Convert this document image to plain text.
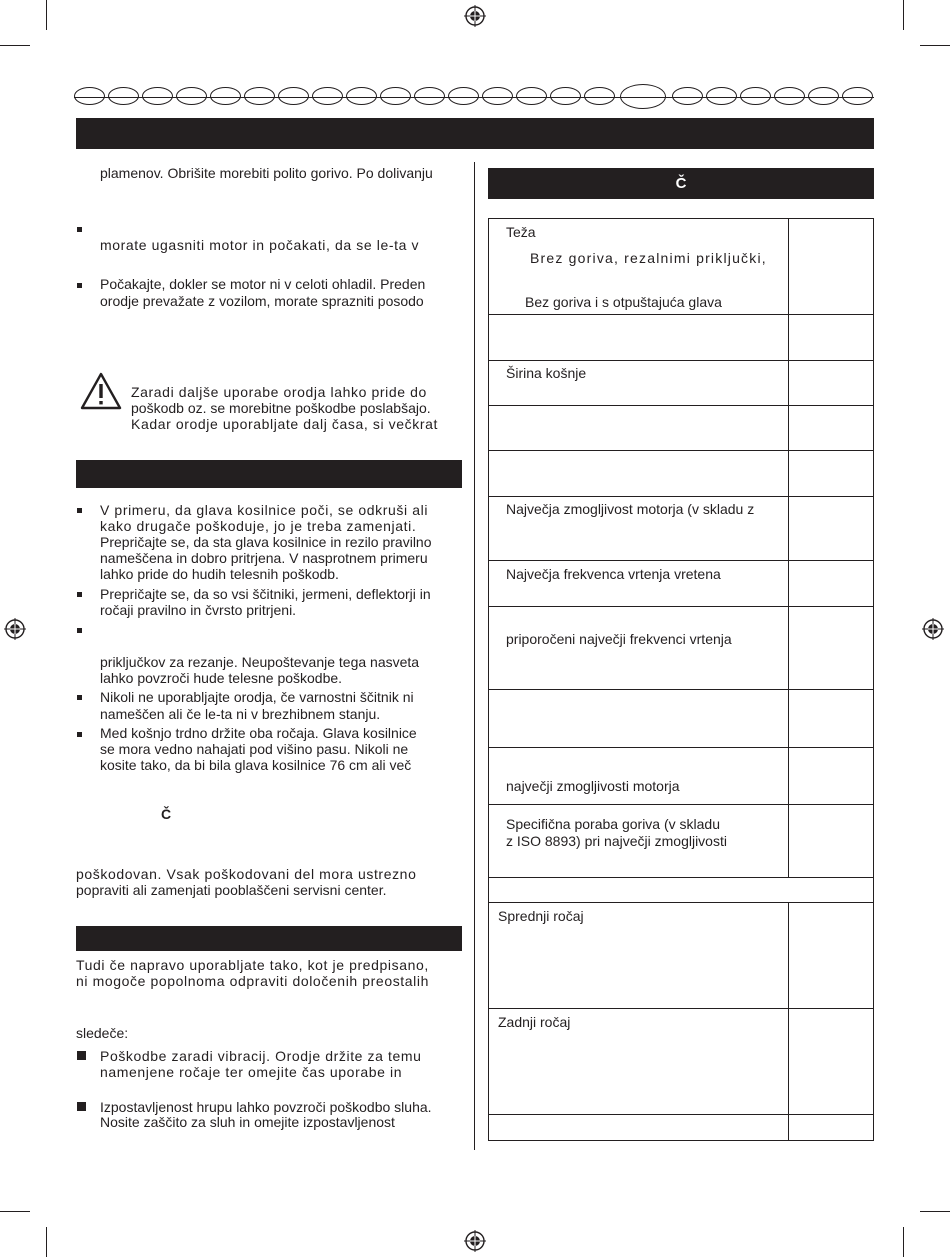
plamenov. Obrišite morebiti polito gorivo. Po dolivanju
morate ugasniti motor in počakati, da se le-ta v
Počakajte, dokler se motor ni v celoti ohladil. Preden
orodje prevažate z vozilom, morate sprazniti posodo
Zaradi daljše uporabe orodja lahko pride do
poškodb oz. se morebitne poškodbe poslabšajo.
Kadar orodje uporabljate dalj časa, si večkrat
V primeru, da glava kosilnice poči, se odkruši ali
kako drugače poškoduje, jo je treba zamenjati.
Prepričajte se, da sta glava kosilnice in rezilo pravilno
nameščena in dobro pritrjena. V nasprotnem primeru
lahko pride do hudih telesnih poškodb.
Prepričajte se, da so vsi ščitniki, jermeni, deflektorji in
ročaji pravilno in čvrsto pritrjeni.
priključkov za rezanje. Neupoštevanje tega nasveta
lahko povzroči hude telesne poškodbe.
Nikoli ne uporabljajte orodja, če varnostni ščitnik ni
nameščen ali če le-ta ni v brezhibnem stanju.
Med košnjo trdno držite oba ročaja. Glava kosilnice
se mora vedno nahajati pod višino pasu. Nikoli ne
kosite tako, da bi bila glava kosilnice 76 cm ali več
Č
poškodovan. Vsak poškodovani del mora ustrezno
popraviti ali zamenjati pooblaščeni servisni center.
Tudi če napravo uporabljate tako, kot je predpisano,
ni mogoče popolnoma odpraviti določenih preostalih
sledeče:
Poškodbe zaradi vibracij. Orodje držite za temu
namenjene ročaje ter omejite čas uporabe in
Izpostavljenost hrupu lahko povzroči poškodbo sluha.
Nosite zaščito za sluh in omejite izpostavljenost
Č
Teža
Brez goriva, rezalnimi priključki,
Bez goriva i s otpuštajuća glava
Širina košnje
Največja zmogljivost motorja (v skladu z
Največja frekvenca vrtenja vretena
priporočeni največji frekvenci vrtenja
največji zmogljivosti motorja
Specifična poraba goriva (v skladu
z ISO 8893) pri največji zmogljivosti
Sprednji ročaj
Zadnji ročaj
